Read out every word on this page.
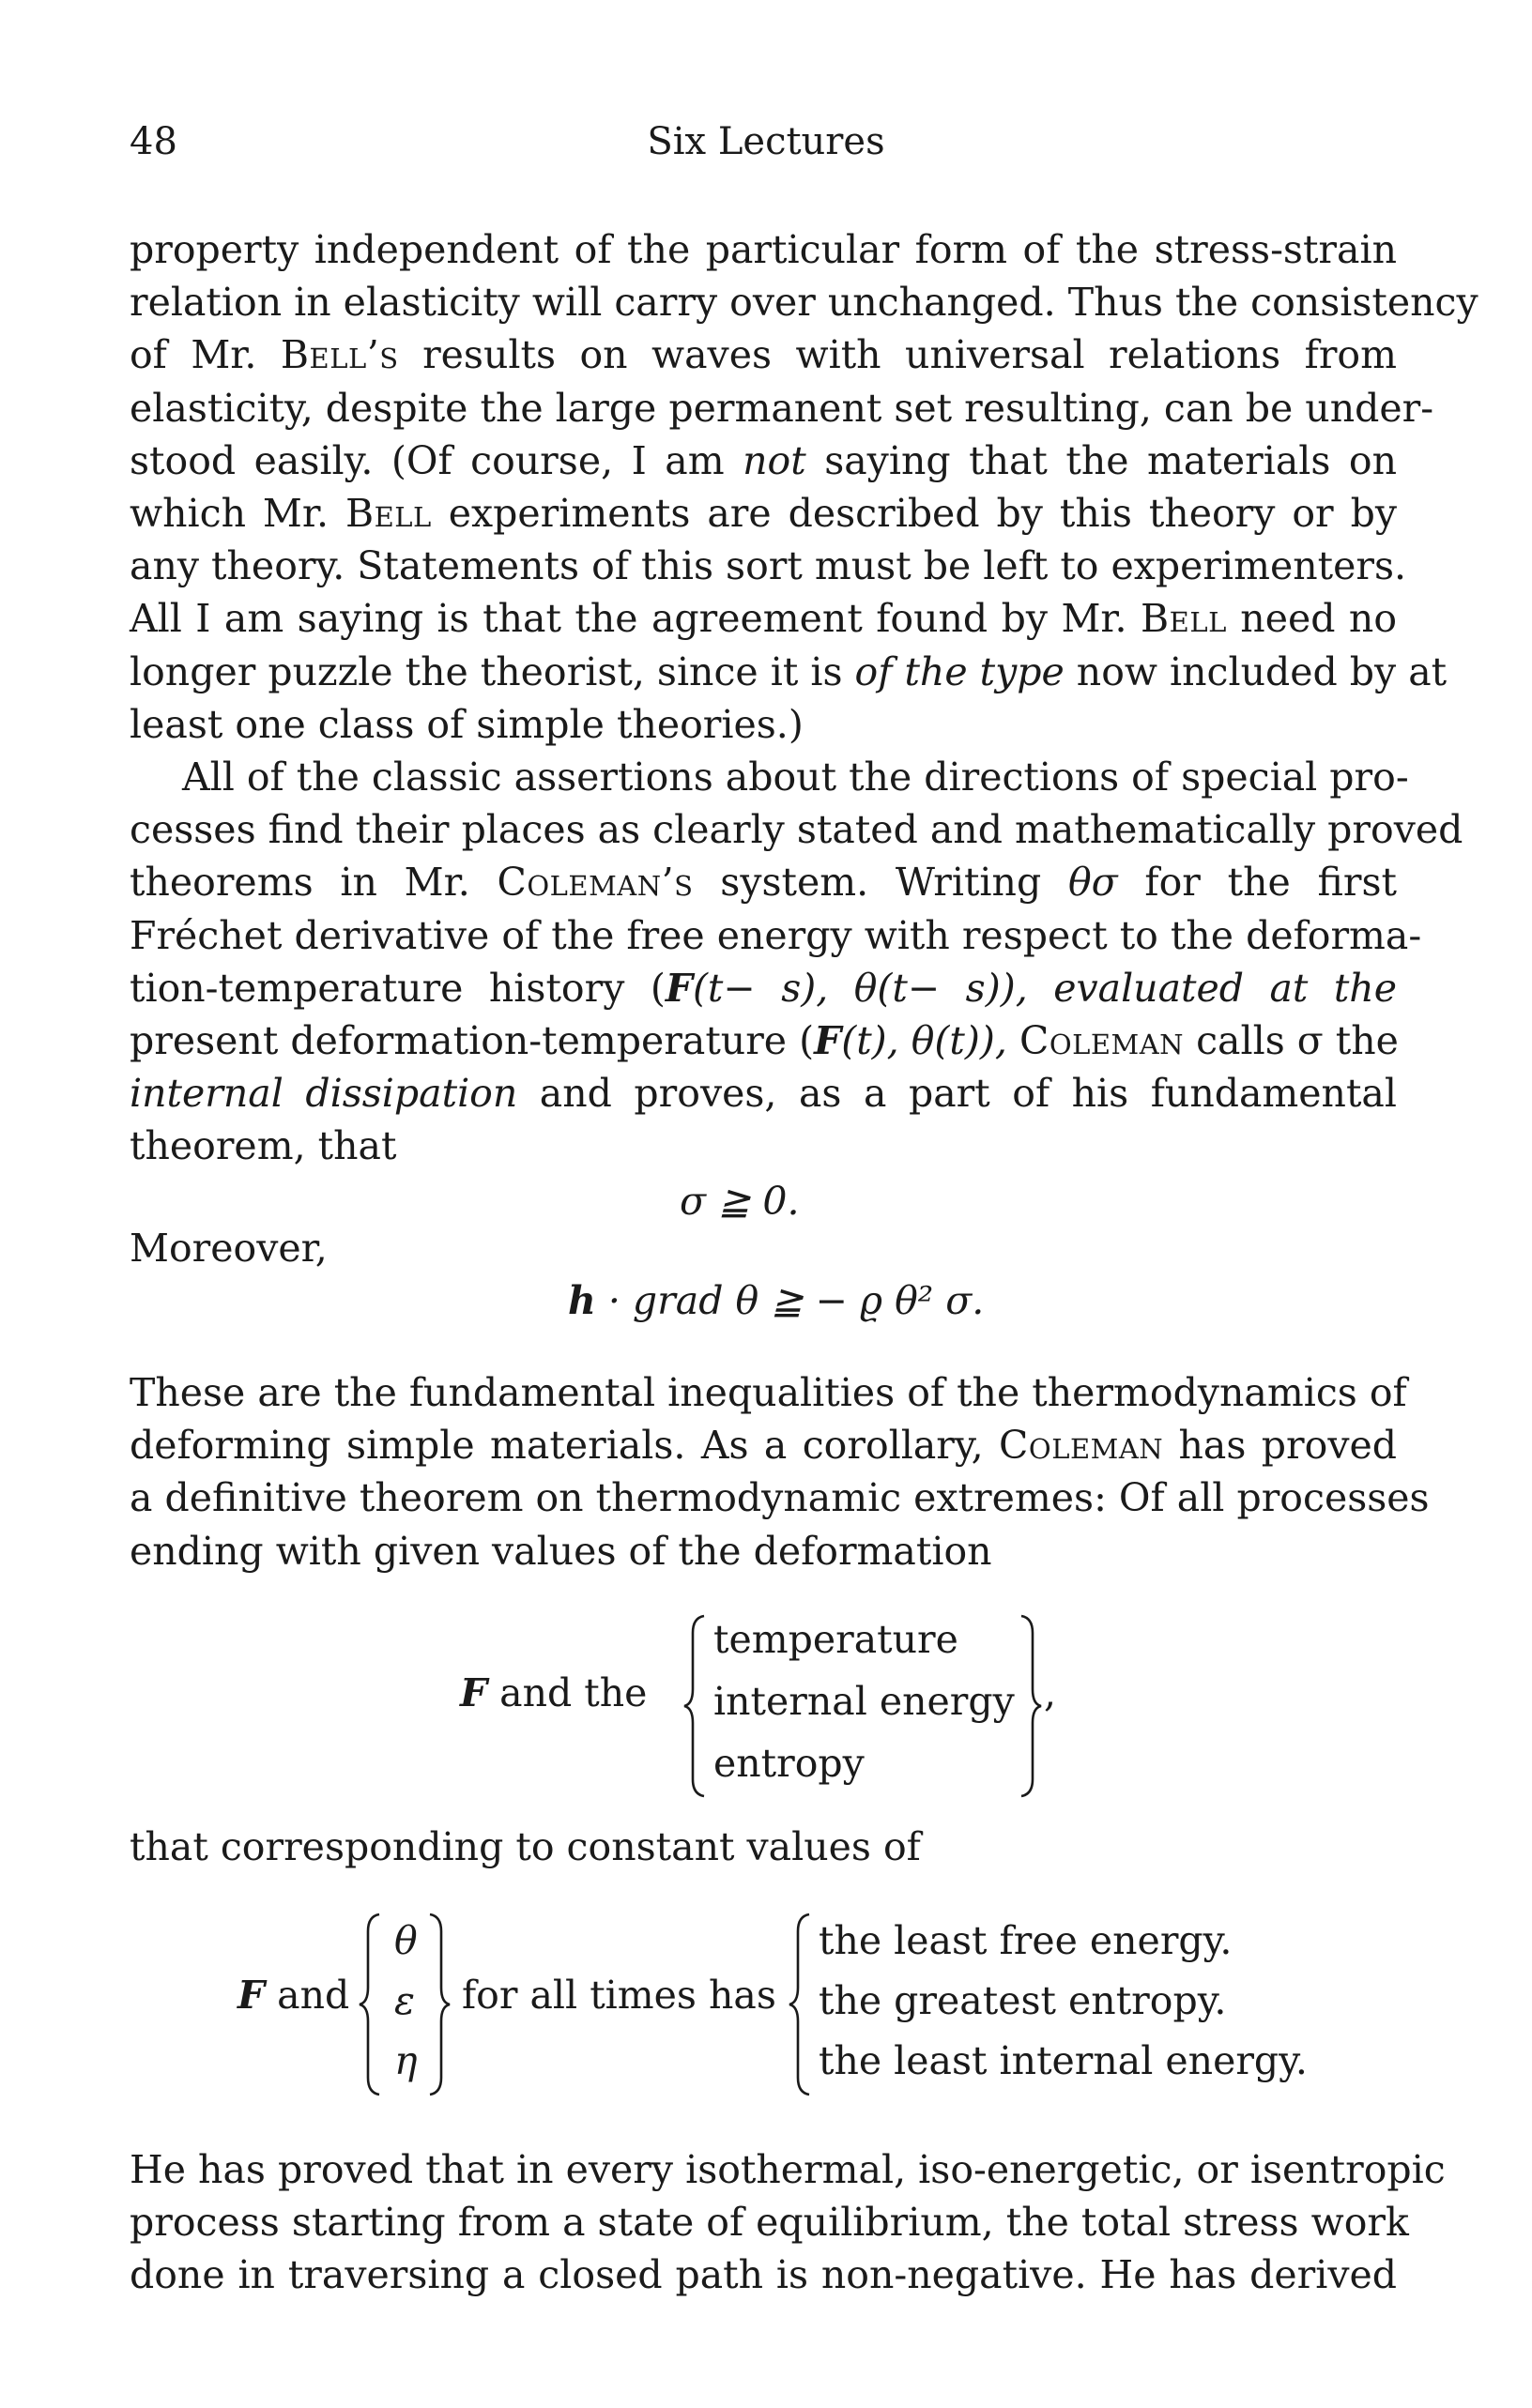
48	Six Lectures
property independent of the particular form of the stress-strain
relation in elasticity will carry over unchanged. Thus the consistency
of Mr. Bell’s results on waves with universal relations from
elasticity, despite the large permanent set resulting, can be under-
stood easily. (Of course, I am not saying that the materials on
which Mr. Bell experiments are described by this theory or by
any theory. Statements of this sort must be left to experimenters.
All I am saying is that the agreement found by Mr. Bell need no
longer puzzle the theorist, since it is of the type now included by at
least one class of simple theories.)
All of the classic assertions about the directions of special pro-
cesses find their places as clearly stated and mathematically proved
theorems in Mr. Coleman’s system. Writing θσ for the first
Fréchet derivative of the free energy with respect to the deforma-
tion-temperature history (F(t− s), θ(t− s)), evaluated at the
present deformation-temperature (F(t), θ(t)), Coleman calls σ the
internal dissipation and proves, as a part of his fundamental
theorem, that
σ ≧ 0.
Moreover,
h · grad θ ≧ − ϱ θ² σ.
These are the fundamental inequalities of the thermodynamics of
deforming simple materials. As a corollary, Coleman has proved
a definitive theorem on thermodynamic extremes: Of all processes
ending with given values of the deformation
F and the
temperature
internal energy
entropy
,
that corresponding to constant values of
F and
θ
ε
η
for all times has
the least free energy.
the greatest entropy.
the least internal energy.
He has proved that in every isothermal, iso-energetic, or isentropic
process starting from a state of equilibrium, the total stress work
done in traversing a closed path is non-negative. He has derived
